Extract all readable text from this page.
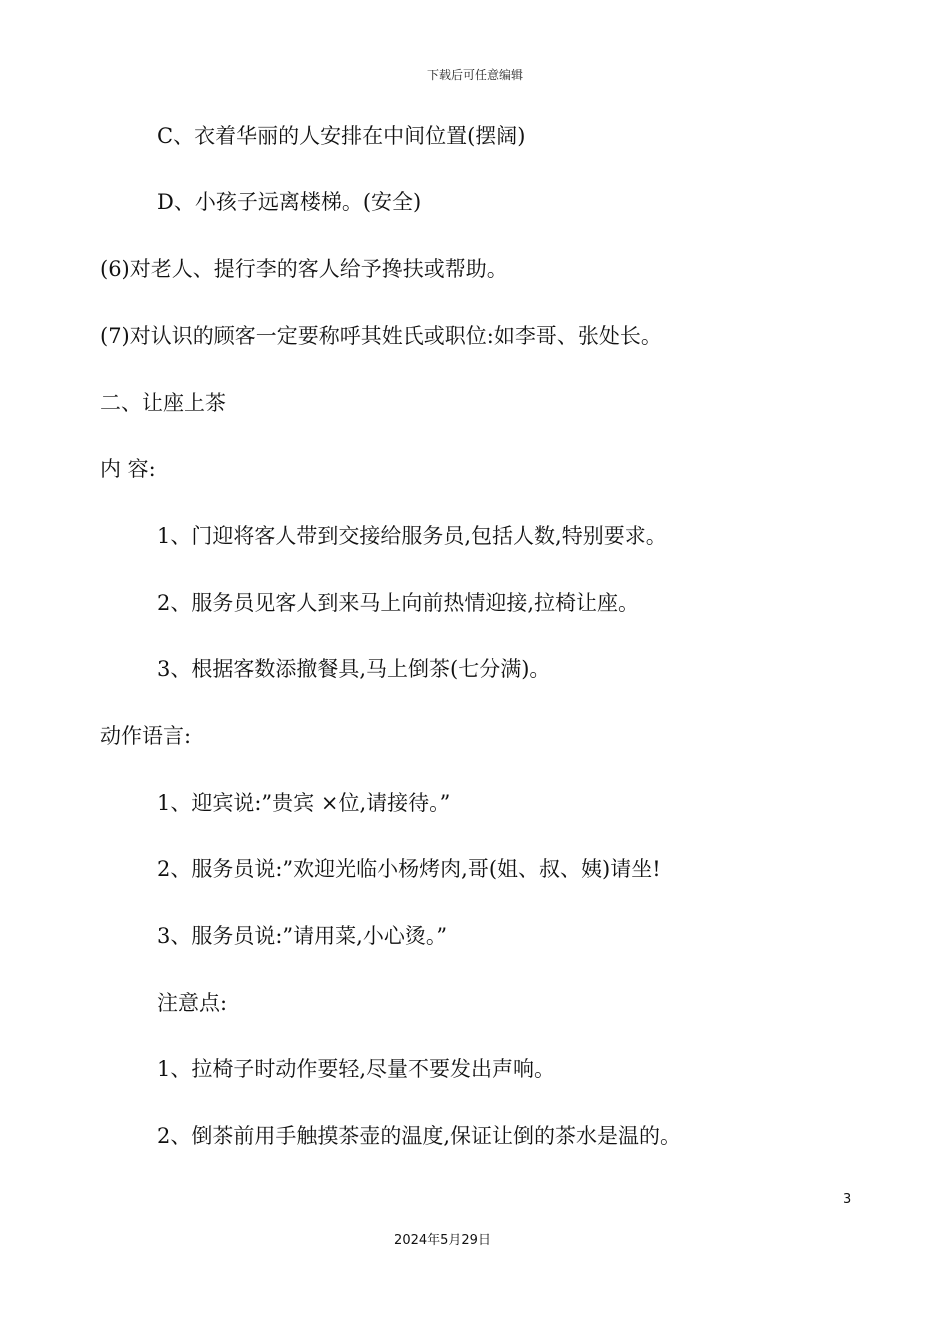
下载后可任意编辑
C、衣着华丽的人安排在中间位置(摆阔)
D、小孩子远离楼梯。(安全)
(6)对老人、提行李的客人给予搀扶或帮助。
(7)对认识的顾客一定要称呼其姓氏或职位:如李哥、张处长。
二、让座上茶
内 容:
1、门迎将客人带到交接给服务员,包括人数,特别要求。
2、服务员见客人到来马上向前热情迎接,拉椅让座。
3、根据客数添撤餐具,马上倒茶(七分满)。
动作语言:
1、迎宾说:”贵宾 ×位,请接待。”
2、服务员说:”欢迎光临小杨烤肉,哥(姐、叔、姨)请坐!
3、服务员说:”请用菜,小心烫。”
注意点:
1、拉椅子时动作要轻,尽量不要发出声响。
2、倒茶前用手触摸茶壶的温度,保证让倒的茶水是温的。
3
2024年5月29日
